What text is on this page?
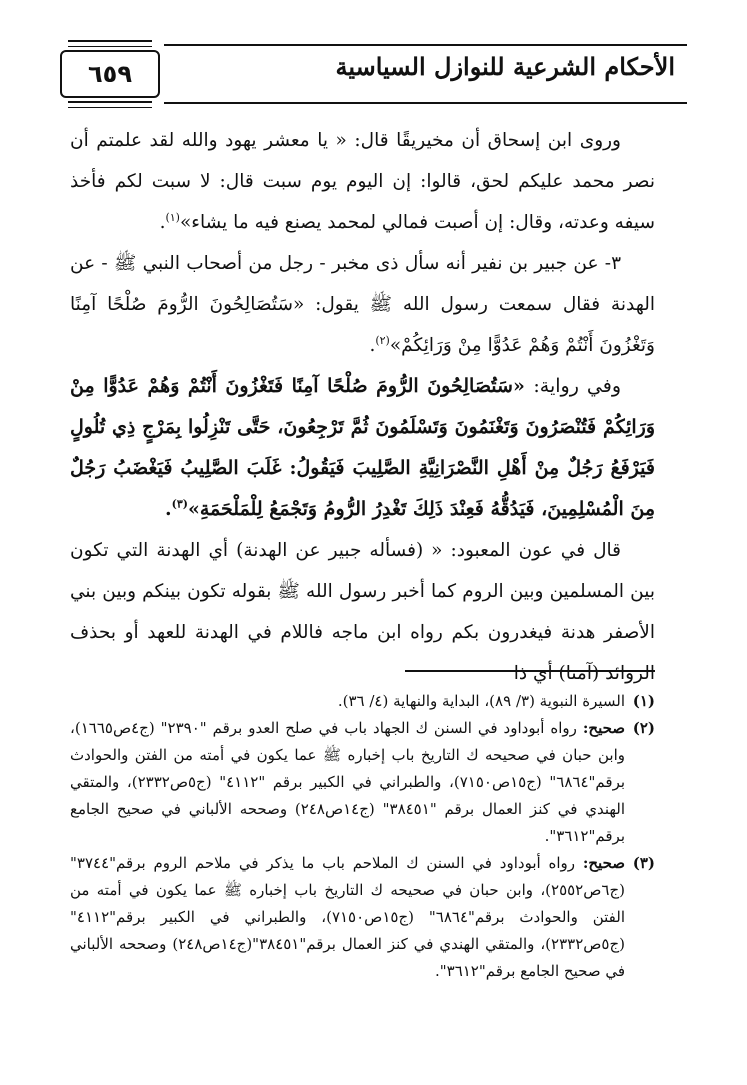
٦٥٩	الأحكام الشرعية للنوازل السياسية

وروى ابن إسحاق أن مخيريقًا قال: « يا معشر يهود والله لقد علمتم أن نصر محمد عليكم لحق، قالوا: إن اليوم يوم سبت قال: لا سبت لكم فأخذ سيفه وعدته، وقال: إن أصبت فمالي لمحمد يصنع فيه ما يشاء»$^{(١)}$.

٣- عن جبير بن نفير أنه سأل ذى مخبر - رجل من أصحاب النبي ﷺ - عن الهدنة فقال سمعت رسول الله ﷺ يقول: «سَتُصَالِحُونَ الرُّومَ صُلْحًا آمِنًا وَتَغْزُونَ أَنْتُمْ وَهُمْ عَدُوًّا مِنْ وَرَائِكُمْ»$^{(٢)}$.

وفي رواية: «سَتُصَالِحُونَ الرُّومَ صُلْحًا آمِنًا فَتَغْزُونَ أَنْتُمْ وَهُمْ عَدُوًّا مِنْ وَرَائِكُمْ فَتُنْصَرُونَ وَتَغْنَمُونَ وَتَسْلَمُونَ ثُمَّ تَرْجِعُونَ، حَتَّى تَنْزِلُوا بِمَرْجٍ ذِي تُلُولٍ فَيَرْفَعُ رَجُلٌ مِنْ أَهْلِ النَّصْرَانِيَّةِ الصَّلِيبَ فَيَقُولُ: غَلَبَ الصَّلِيبُ فَيَغْضَبُ رَجُلٌ مِنَ الْمُسْلِمِينَ، فَيَدُقُّهُ فَعِنْدَ ذَلِكَ تَغْدِرُ الرُّومُ وَتَجْمَعُ لِلْمَلْحَمَةِ»$^{(٣)}$.

قال في عون المعبود: « (فسأله جبير عن الهدنة) أي الهدنة التي تكون بين المسلمين وبين الروم كما أخبر رسول الله ﷺ بقوله تكون بينكم وبين بني الأصفر هدنة فيغدرون بكم رواه ابن ماجه فاللام في الهدنة للعهد أو بحذف الزوائد (آمنا) أي ذا

(١)
السيرة النبوية (٣/ ٨٩)، البداية والنهاية (٤/ ٣٦).
(٢)
صحيح: رواه أبوداود في السنن ك الجهاد باب في صلح العدو برقم "٢٣٩٠" (ج٤ص١٦٦٥)، وابن حبان في صحيحه ك التاريخ باب إخباره ﷺ عما يكون في أمته من الفتن والحوادث برقم"٦٨٦٤" (ج١٥ص٧١٥٠)، والطبراني في الكبير برقم "٤١١٢" (ج٥ص٢٣٣٢)، والمتقي الهندي في كنز العمال برقم "٣٨٤٥١" (ج١٤ص٢٤٨) وصححه الألباني في صحيح الجامع برقم"٣٦١٢".
(٣)
صحيح: رواه أبوداود في السنن ك الملاحم باب ما يذكر في ملاحم الروم برقم"٣٧٤٤" (ج٦ص٢٥٥٢)، وابن حبان في صحيحه ك التاريخ باب إخباره ﷺ عما يكون في أمته من الفتن والحوادث برقم"٦٨٦٤" (ج١٥ص٧١٥٠)، والطبراني في الكبير برقم"٤١١٢"(ج٥ص٢٣٣٢)، والمتقي الهندي في كنز العمال برقم"٣٨٤٥١"(ج١٤ص٢٤٨) وصححه الألباني في صحيح الجامع برقم"٣٦١٢".
